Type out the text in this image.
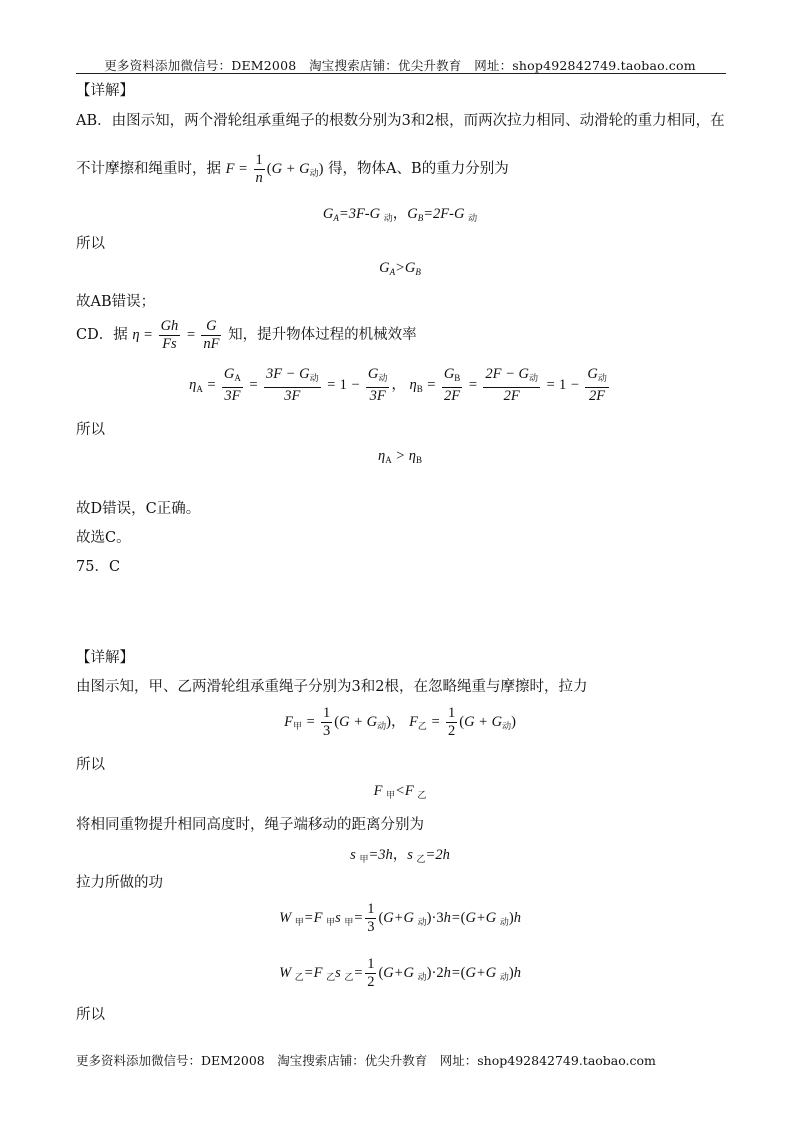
更多资料添加微信号：DEM2008　淘宝搜索店铺：优尖升教育　网址：shop492842749.taobao.com
更多资料添加微信号：DEM2008　淘宝搜索店铺：优尖升教育　网址：shop492842749.taobao.com
【详解】
AB．由图示知，两个滑轮组承重绳子的根数分别为3和2根，而两次拉力相同、动滑轮的重力相同，在
不计摩擦和绳重时，据 $F = \frac{1}{n} (G + G_动)$ 得，物体A、B的重力分别为
$G_A=3F-G$ $_动$，$G_B=2F-G$ $_动$
所以
$G_A>G_B$
故AB错误；
CD．据 $\eta = \frac{Gh}{Fs} = \frac{G}{nF}$ 知，提升物体过程的机械效率
$\eta_A = \frac{G_A}{3F} = \frac{3F - G_动}{3F} = 1 - \frac{G_动}{3F}$ ， $\eta_B = \frac{G_B}{2F} = \frac{2F - G_动}{2F} = 1 - \frac{G_动}{2F}$
所以
$\eta_A > \eta_B$
故D错误，C正确。
故选C。
75．C
【详解】
由图示知，甲、乙两滑轮组承重绳子分别为3和2根，在忽略绳重与摩擦时，拉力
$F_甲 = \frac{1}{3} (G + G_动)$， $F_乙 = \frac{1}{2} (G + G_动)$
所以
F $_甲$<F $_乙$
将相同重物提升相同高度时，绳子端移动的距离分别为
s $_甲$=3h，s $_乙$=2h
拉力所做的功
W $_甲$=F $_甲$s $_甲= \frac{1}{3} (G+G$ $_动$)·3h=(G+G $_动$)h
W $_乙$=F $_乙$s $_乙= \frac{1}{2} (G+G$ $_动$)·2h=(G+G $_动$)h
所以
